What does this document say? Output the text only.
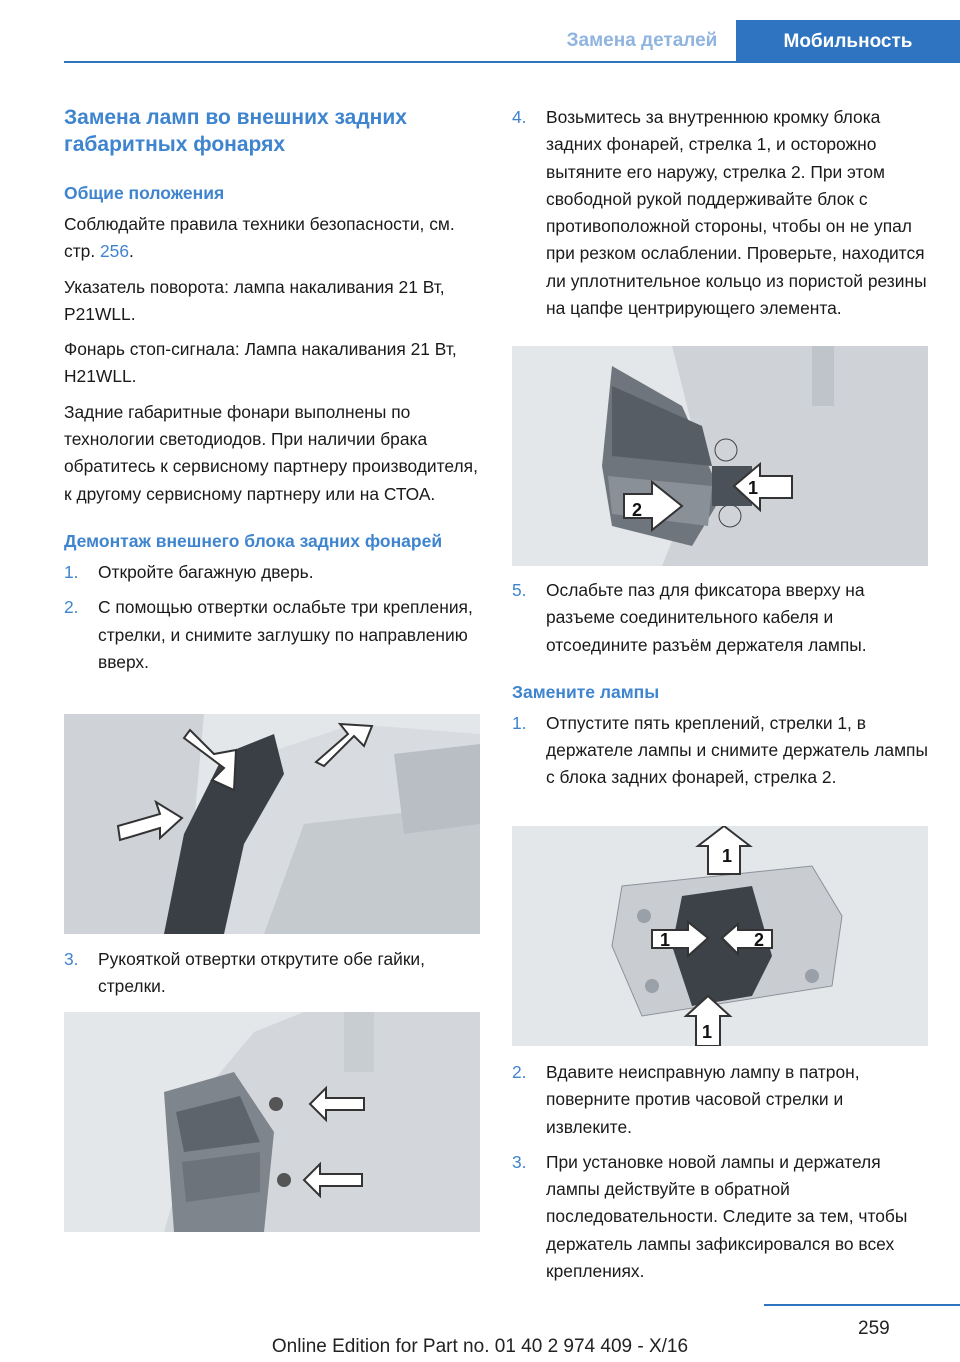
Замена деталей	Мобильность
Замена ламп во внешних задних габаритных фонарях
Общие положения

Соблюдайте правила техники безопасности, см. стр. 256.

Указатель поворота: лампа накаливания 21 Вт, P21WLL.

Фонарь стоп-сигнала: Лампа накаливания 21 Вт, H21WLL.

Задние габаритные фонари выполнены по технологии светодиодов. При наличии брака обратитесь к сервисному партнеру производителя, к другому сервисному партнеру или на СТОА.

Демонтаж внешнего блока задних фонарей
1.	Откройте багажную дверь.
2.	С помощью отвертки ослабьте три крепления, стрелки, и снимите заглушку по направлению вверх.
3.	Рукояткой отвертки открутите обе гайки, стрелки.
4.	Возьмитесь за внутреннюю кромку блока задних фонарей, стрелка 1, и осторожно вытяните его наружу, стрелка 2. При этом свободной рукой поддерживайте блок с противоположной стороны, чтобы он не упал при резком ослаблении. Проверьте, находится ли уплотнительное кольцо из пористой резины на цапфе центрирующего элемента.
1
2
5.	Ослабьте паз для фиксатора вверху на разъеме соединительного кабеля и отсоедините разъём держателя лампы.
Замените лампы
1.	Отпустите пять креплений, стрелки 1, в держателе лампы и снимите держатель лампы с блока задних фонарей, стрелка 2.
1
1	2
1
2.	Вдавите неисправную лампу в патрон, поверните против часовой стрелки и извлеките.
3.	При установке новой лампы и держателя лампы действуйте в обратной последовательности. Следите за тем, чтобы держатель лампы зафиксировался во всех креплениях.
259
Online Edition for Part no. 01 40 2 974 409 - X/16
